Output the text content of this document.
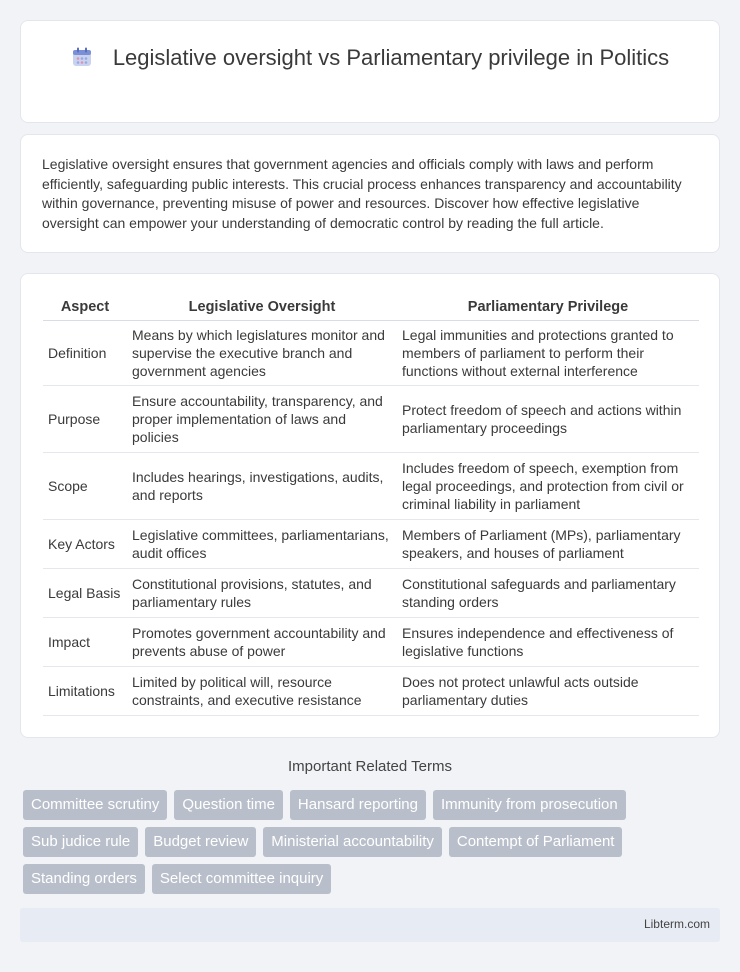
Legislative oversight vs Parliamentary privilege in Politics

Legislative oversight ensures that government agencies and officials comply with laws and perform efficiently, safeguarding public interests. This crucial process enhances transparency and accountability within governance, preventing misuse of power and resources. Discover how effective legislative oversight can empower your understanding of democratic control by reading the full article.

Aspect	Legislative Oversight	Parliamentary Privilege
Definition	Means by which legislatures monitor and supervise the executive branch and government agencies	Legal immunities and protections granted to members of parliament to perform their functions without external interference
Purpose	Ensure accountability, transparency, and proper implementation of laws and policies	Protect freedom of speech and actions within parliamentary proceedings
Scope	Includes hearings, investigations, audits, and reports	Includes freedom of speech, exemption from legal proceedings, and protection from civil or criminal liability in parliament
Key Actors	Legislative committees, parliamentarians, audit offices	Members of Parliament (MPs), parliamentary speakers, and houses of parliament
Legal Basis	Constitutional provisions, statutes, and parliamentary rules	Constitutional safeguards and parliamentary standing orders
Impact	Promotes government accountability and prevents abuse of power	Ensures independence and effectiveness of legislative functions
Limitations	Limited by political will, resource constraints, and executive resistance	Does not protect unlawful acts outside parliamentary duties
Important Related Terms
Committee scrutiny	Question time	Hansard reporting	Immunity from prosecution
Sub judice rule	Budget review	Ministerial accountability	Contempt of Parliament
Standing orders	Select committee inquiry
Libterm.com
